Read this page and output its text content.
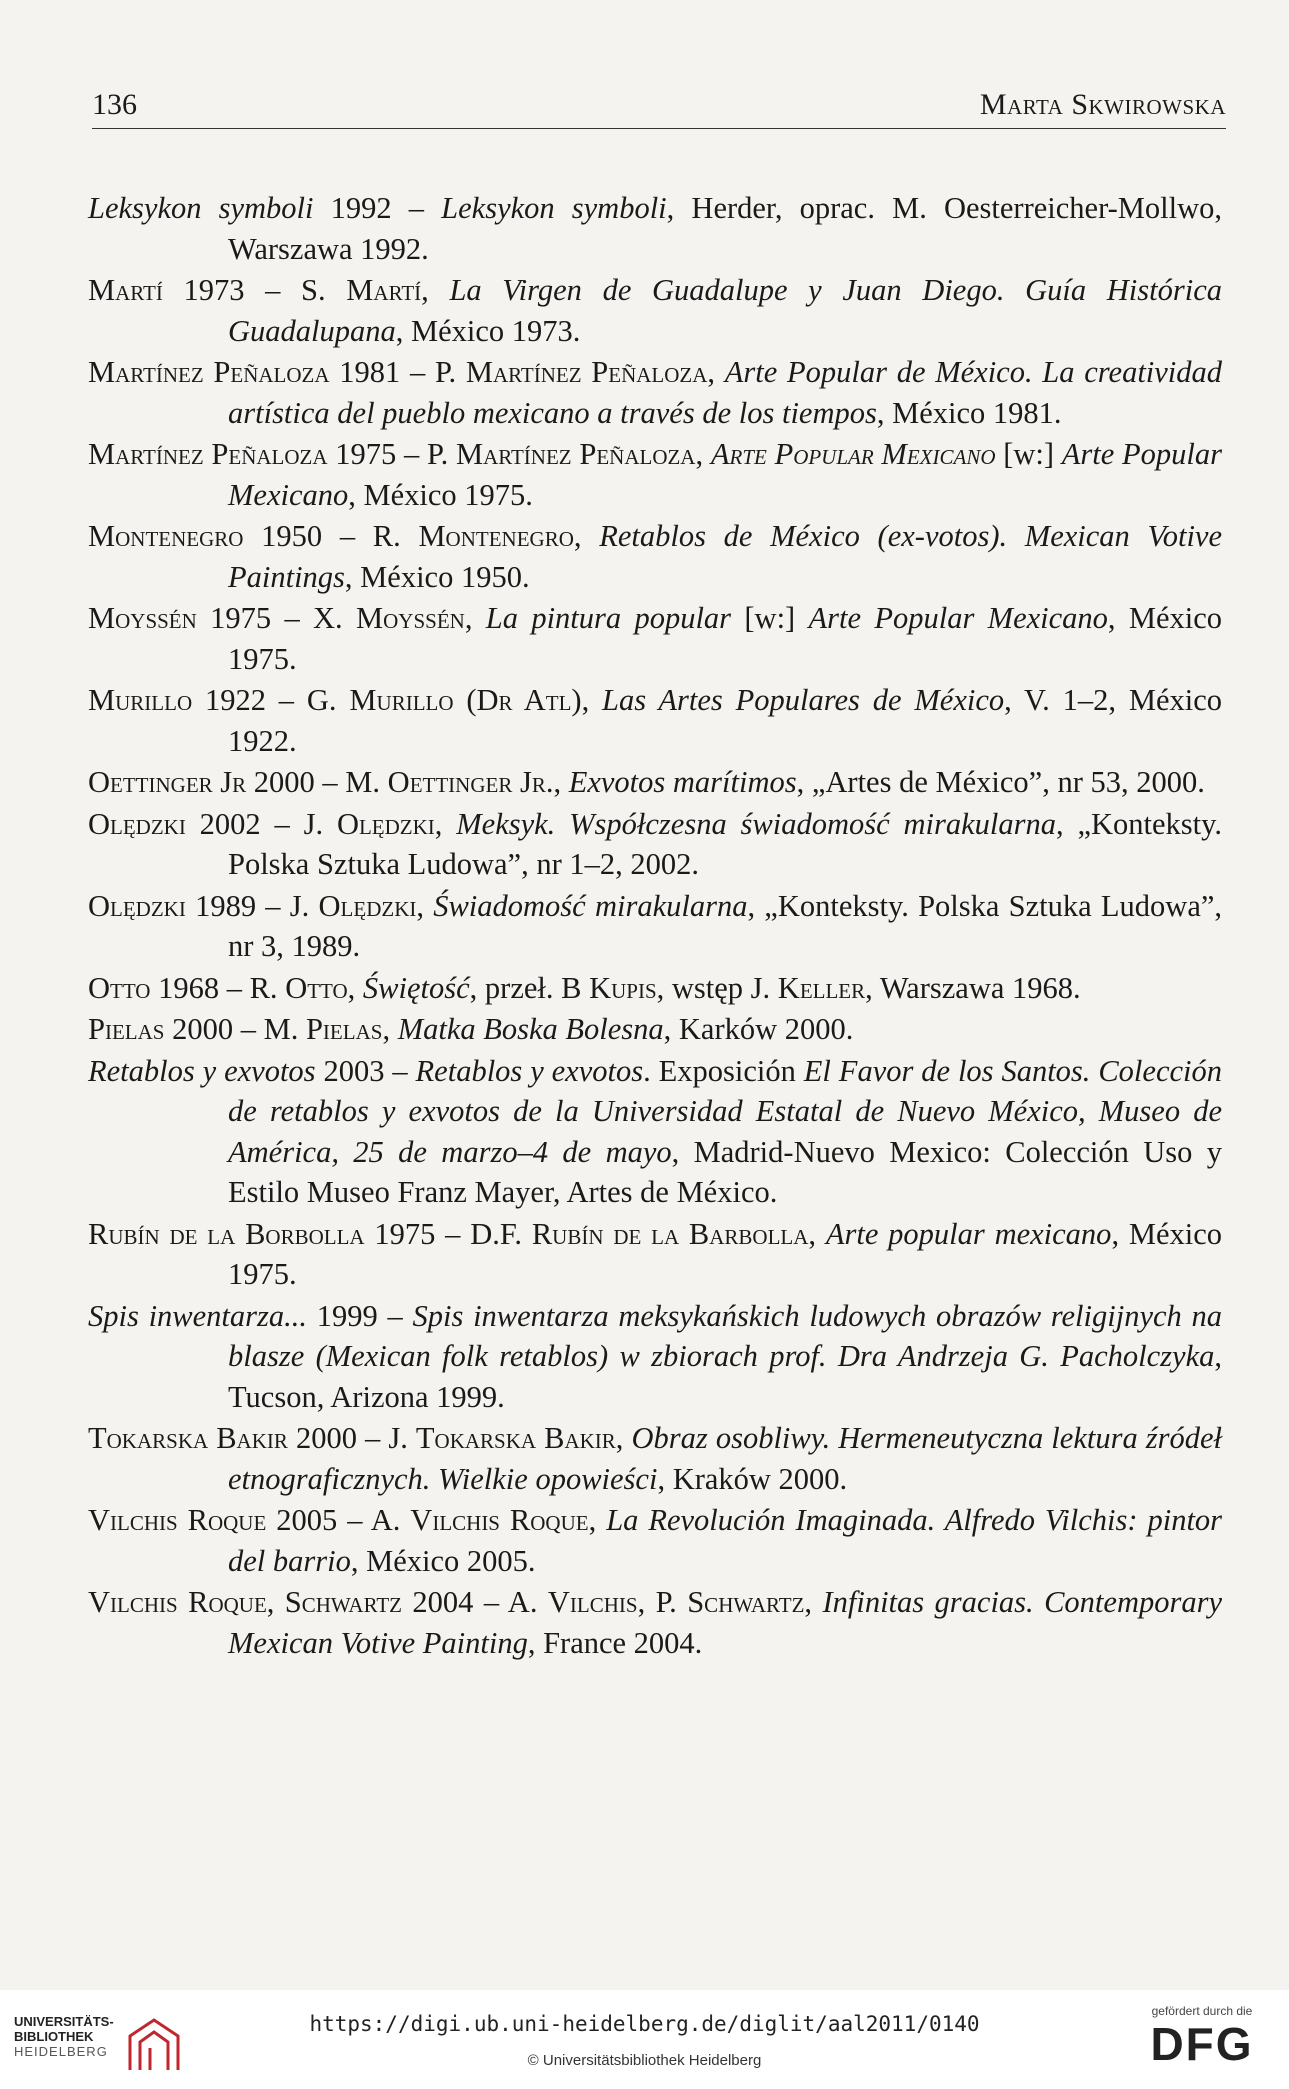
136	Marta Skwirowska

Leksykon symboli 1992 – Leksykon symboli, Herder, oprac. M. Oesterreicher-Mollwo, Warszawa 1992.

Martí 1973 – S. Martí, La Virgen de Guadalupe y Juan Diego. Guía Histórica Guadalupana, México 1973.

Martínez Peñaloza 1981 – P. Martínez Peñaloza, Arte Popular de México. La creatividad artística del pueblo mexicano a través de los tiempos, México 1981.

Martínez Peñaloza 1975 – P. Martínez Peñaloza, Arte Popular Mexicano [w:] Arte Popular Mexicano, México 1975.

Montenegro 1950 – R. Montenegro, Retablos de México (ex-votos). Mexican Votive Paintings, México 1950.

Moyssén 1975 – X. Moyssén, La pintura popular [w:] Arte Popular Mexicano, México 1975.

Murillo 1922 – G. Murillo (Dr Atl), Las Artes Populares de México, V. 1–2, México 1922.

Oettinger Jr 2000 – M. Oettinger Jr., Exvotos marítimos, „Artes de México”, nr 53, 2000.

Olędzki 2002 – J. Olędzki, Meksyk. Współczesna świadomość mirakularna, „Konteksty. Polska Sztuka Ludowa”, nr 1–2, 2002.

Olędzki 1989 – J. Olędzki, Świadomość mirakularna, „Konteksty. Polska Sztuka Ludowa”, nr 3, 1989.

Otto 1968 – R. Otto, Świętość, przeł. B Kupis, wstęp J. Keller, Warszawa 1968.

Pielas 2000 – M. Pielas, Matka Boska Bolesna, Karków 2000.

Retablos y exvotos 2003 – Retablos y exvotos. Exposición El Favor de los Santos. Colección de retablos y exvotos de la Universidad Estatal de Nuevo México, Museo de América, 25 de marzo–4 de mayo, Madrid-Nuevo Mexico: Colección Uso y Estilo Museo Franz Mayer, Artes de México.

Rubín de la Borbolla 1975 – D.F. Rubín de la Barbolla, Arte popular mexicano, México 1975.

Spis inwentarza... 1999 – Spis inwentarza meksykańskich ludowych obrazów religijnych na blasze (Mexican folk retablos) w zbiorach prof. Dra Andrzeja G. Pacholczyka, Tucson, Arizona 1999.

Tokarska Bakir 2000 – J. Tokarska Bakir, Obraz osobliwy. Hermeneutyczna lektura źródeł etnograficznych. Wielkie opowieści, Kraków 2000.

Vilchis Roque 2005 – A. Vilchis Roque, La Revolución Imaginada. Alfredo Vilchis: pintor del barrio, México 2005.

Vilchis Roque, Schwartz 2004 – A. Vilchis, P. Schwartz, Infinitas gracias. Contemporary Mexican Votive Painting, France 2004.

UNIVERSITÄTS-
BIBLIOTHEK
HEIDELBERG
https://digi.ub.uni-heidelberg.de/diglit/aal2011/0140
© Universitätsbibliothek Heidelberg
gefördert durch die
DFG
